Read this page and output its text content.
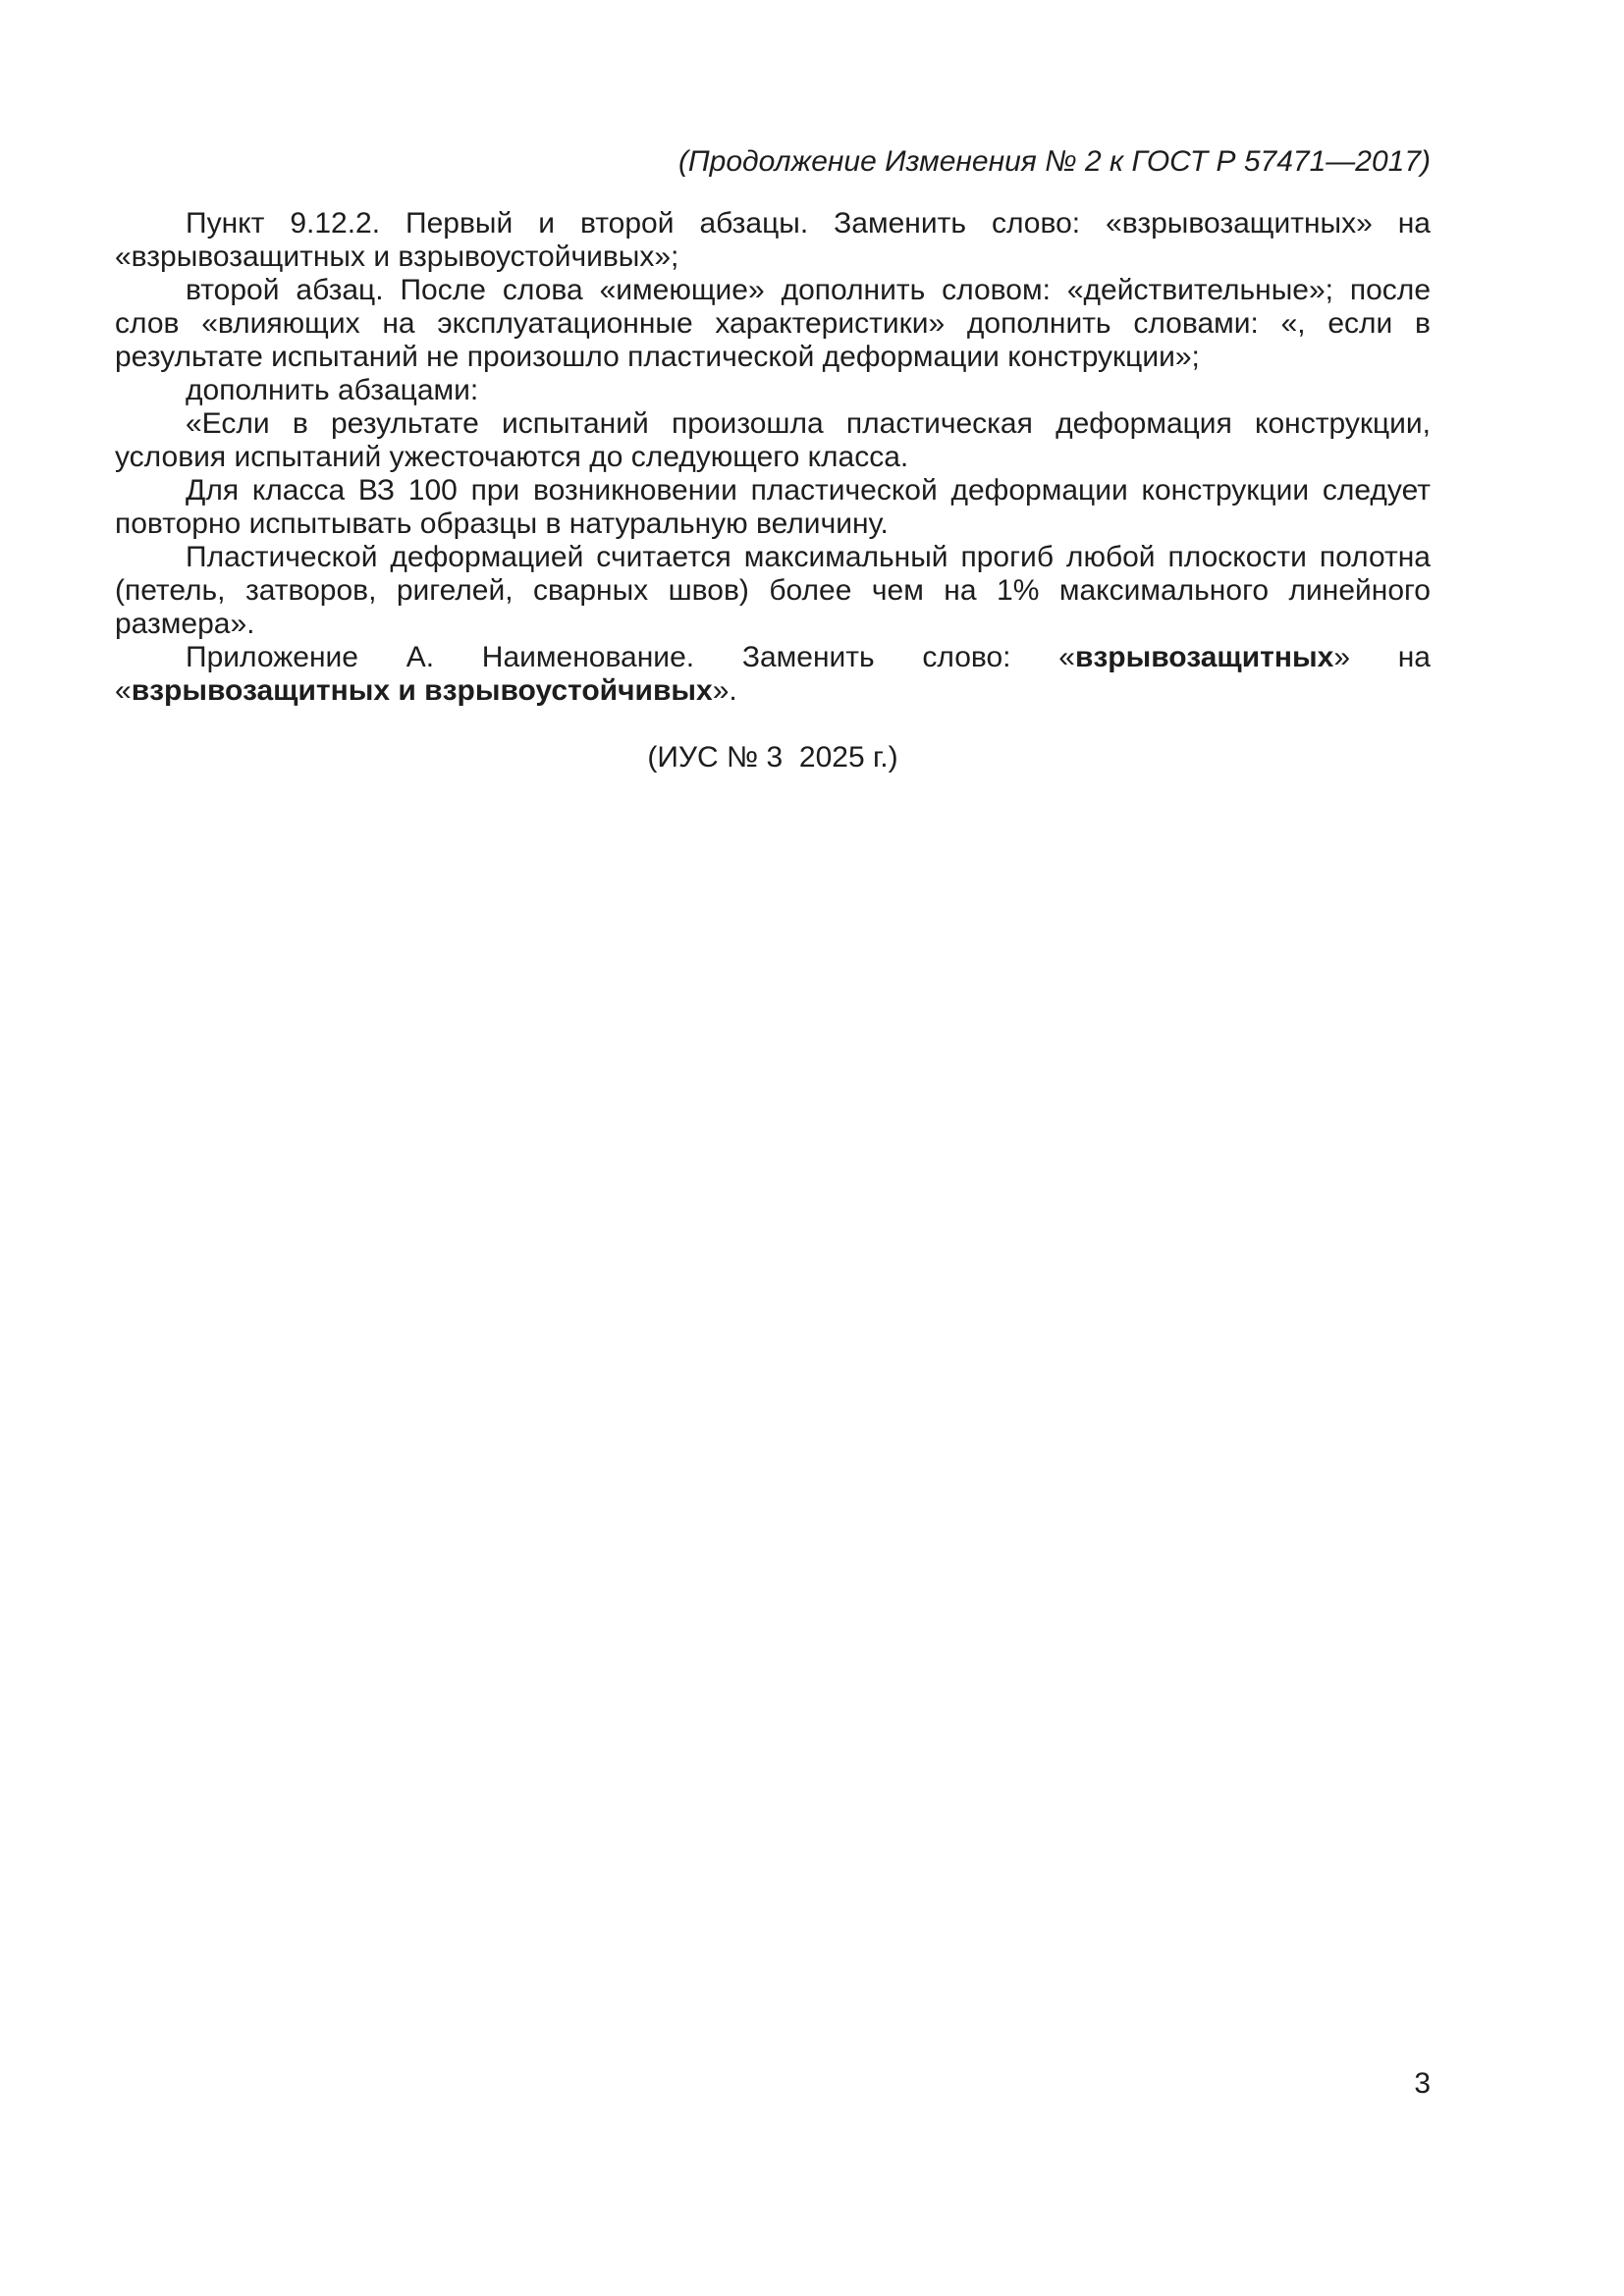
(Продолжение Изменения № 2 к ГОСТ Р 57471—2017)

Пункт 9.12.2. Первый и второй абзацы. Заменить слово: «взрывозащитных» на «взрывозащитных и взрывоустойчивых»;

второй абзац. После слова «имеющие» дополнить словом: «действительные»; после слов «влияющих на эксплуатационные характеристики» дополнить словами: «, если в результате испытаний не произошло пластической деформации конструкции»;

дополнить абзацами:

«Если в результате испытаний произошла пластическая деформация конструкции, условия испытаний ужесточаются до следующего класса.

Для класса ВЗ 100 при возникновении пластической деформации конструкции следует повторно испытывать образцы в натуральную величину.

Пластической деформацией считается максимальный прогиб любой плоскости полотна (петель, затворов, ригелей, сварных швов) более чем на 1% максимального линейного размера».

Приложение А. Наименование. Заменить слово: «взрывозащитных» на «взрывозащитных и взрывоустойчивых».

(ИУС № 3  2025 г.)

3
